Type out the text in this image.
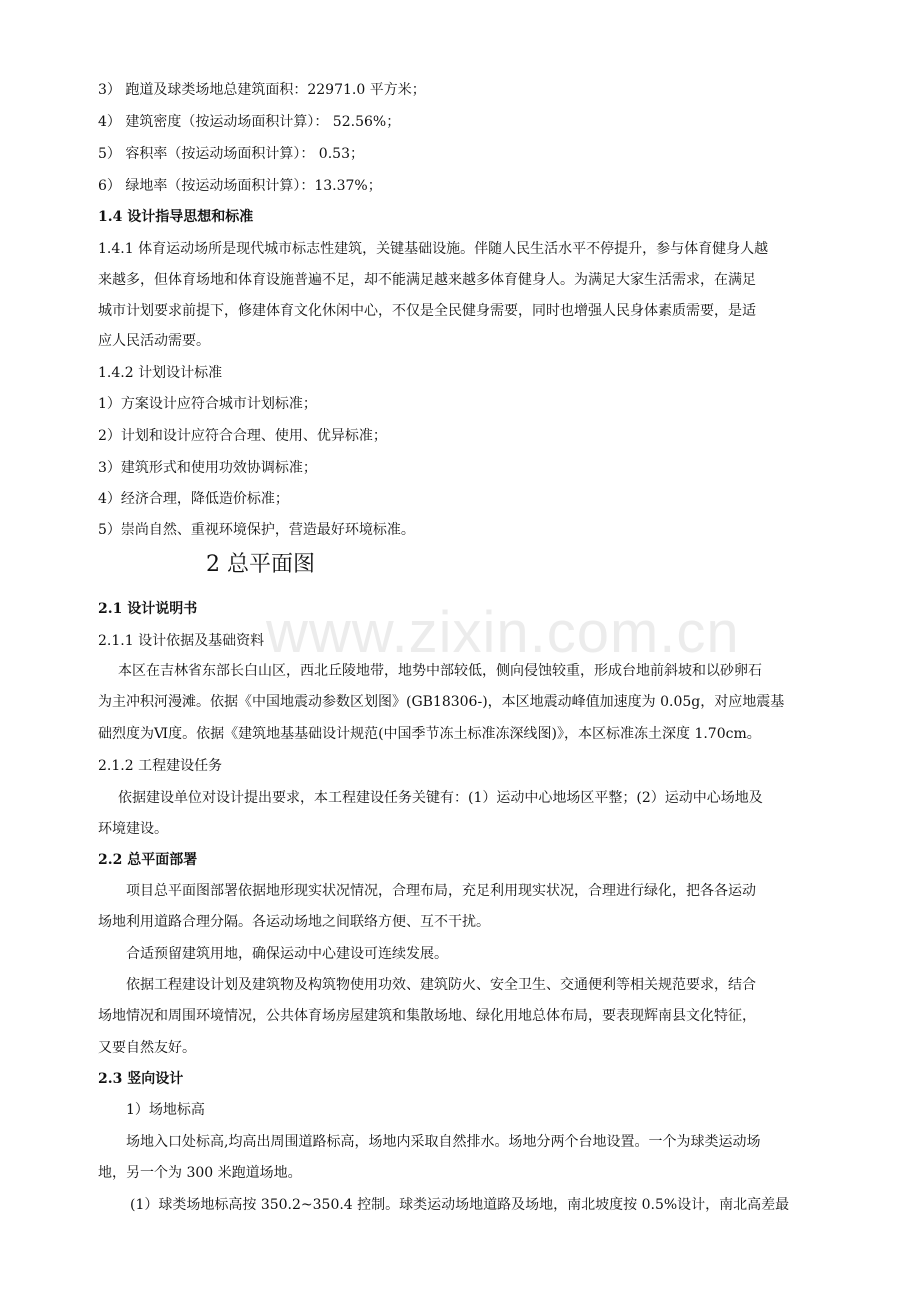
www.zixin.com.cn
3） 跑道及球类场地总建筑面积：22971.0 平方米；
4） 建筑密度（按运动场面积计算）： 52.56%；
5） 容积率（按运动场面积计算）： 0.53；
6） 绿地率（按运动场面积计算）：13.37%；
1.4 设计指导思想和标准
1.4.1 体育运动场所是现代城市标志性建筑，关键基础设施。伴随人民生活水平不停提升，参与体育健身人越
来越多，但体育场地和体育设施普遍不足，却不能满足越来越多体育健身人。为满足大家生活需求，在满足
城市计划要求前提下，修建体育文化休闲中心，不仅是全民健身需要，同时也增强人民身体素质需要，是适
应人民活动需要。
1.4.2 计划设计标准
1）方案设计应符合城市计划标准；
2）计划和设计应符合合理、使用、优异标准；
3）建筑形式和使用功效协调标准；
4）经济合理，降低造价标准；
5）崇尚自然、重视环境保护，营造最好环境标准。
2 总平面图
2.1 设计说明书
2.1.1 设计依据及基础资料
本区在吉林省东部长白山区，西北丘陵地带，地势中部较低，侧向侵蚀较重，形成台地前斜坡和以砂卵石
为主冲积河漫滩。依据《中国地震动参数区划图》(GB18306-)，本区地震动峰值加速度为 0.05g，对应地震基
础烈度为Ⅵ度。依据《建筑地基基础设计规范(中国季节冻土标准冻深线图)》，本区标准冻土深度 1.70cm。
2.1.2 工程建设任务
依据建设单位对设计提出要求，本工程建设任务关键有：(1）运动中心地场区平整；(2）运动中心场地及
环境建设。
2.2 总平面部署
项目总平面图部署依据地形现实状况情况，合理布局，充足利用现实状况，合理进行绿化，把各各运动
场地利用道路合理分隔。各运动场地之间联络方便、互不干扰。
合适预留建筑用地，确保运动中心建设可连续发展。
依据工程建设计划及建筑物及构筑物使用功效、建筑防火、安全卫生、交通便利等相关规范要求，结合
场地情况和周围环境情况，公共体育场房屋建筑和集散场地、绿化用地总体布局，要表现辉南县文化特征，
又要自然友好。
2.3 竖向设计
1）场地标高
场地入口处标高,均高出周围道路标高，场地内采取自然排水。场地分两个台地设置。一个为球类运动场
地，另一个为 300 米跑道场地。
(1）球类场地标高按 350.2~350.4 控制。球类运动场地道路及场地，南北坡度按 0.5%设计，南北高差最
